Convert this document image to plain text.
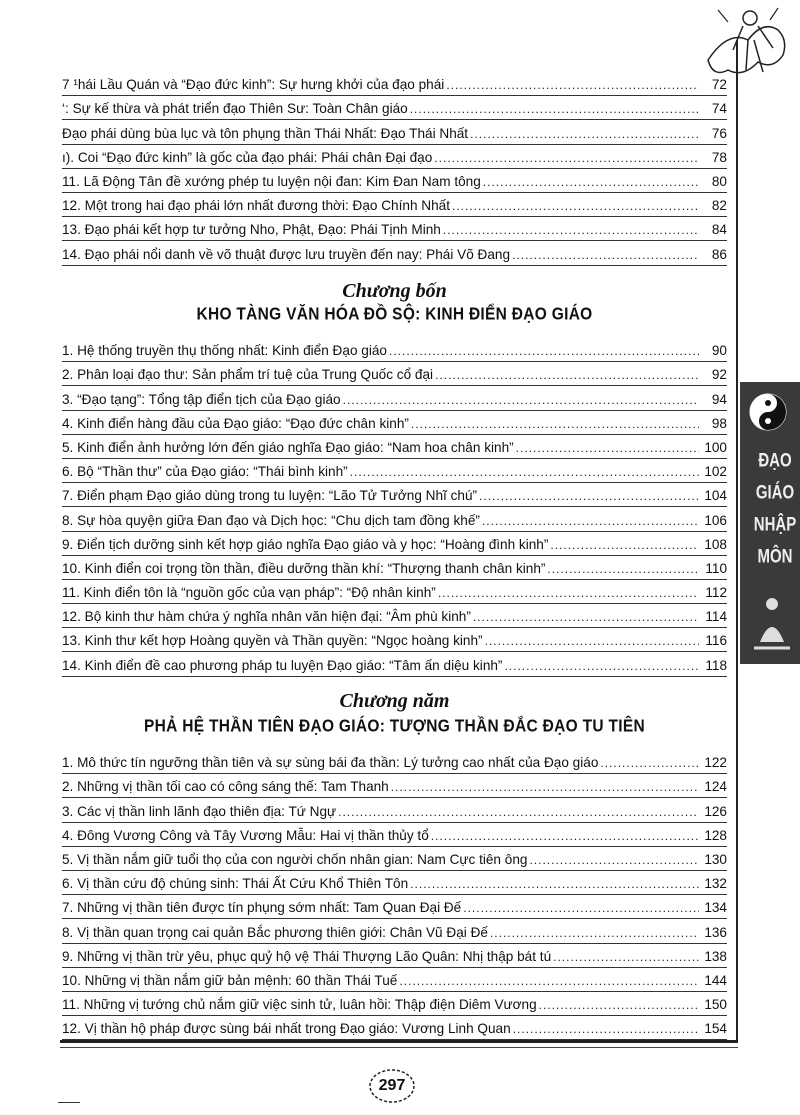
7 ¹hái Lầu Quán và “Đạo đức kinh”: Sự hưng khởi của đạo phái .....	72
‘: Sự kế thừa và phát triển đạo Thiên Sư: Toàn Chân giáo .....	74
Đạo phái dùng bùa lục và tôn phụng thần Thái Nhất: Đạo Thái Nhất .....	76
ı). Coi “Đạo đức kinh” là gốc của đạo phái: Phái chân Đại đạo .....	78
11. Lã Động Tân đề xướng phép tu luyện nội đan: Kim Đan Nam tông .....	80
12. Một trong hai đạo phái lớn nhất đương thời: Đạo Chính Nhất .....	82
13. Đạo phái kết hợp tư tưởng Nho, Phật, Đạo: Phái Tịnh Minh .....	84
14. Đạo phái nổi danh về võ thuật được lưu truyền đến nay: Phái Võ Đang .....	86
Chương bốn
KHO TÀNG VĂN HÓA ĐỒ SỘ: KINH ĐIỂN ĐẠO GIÁO
1. Hệ thống truyền thụ thống nhất: Kinh điển Đạo giáo .....	90
2. Phân loại đạo thư: Sản phẩm trí tuệ của Trung Quốc cổ đại .....	92
3. “Đạo tạng”: Tổng tập điển tịch của Đạo giáo .....	94
4. Kinh điển hàng đầu của Đạo giáo: “Đạo đức chân kinh” .....	98
5. Kinh điển ảnh hưởng lớn đến giáo nghĩa Đạo giáo: “Nam hoa chân kinh” .....	100
6. Bộ “Thần thư” của Đạo giáo: “Thái bình kinh” .....	102
7. Điển phạm Đạo giáo dùng trong tu luyện: “Lão Tử Tưởng Nhĩ chú” .....	104
8. Sự hòa quyện giữa Đan đạo và Dịch học: “Chu dịch tam đồng khế” .....	106
9. Điển tịch dưỡng sinh kết hợp giáo nghĩa Đạo giáo và y học: “Hoàng đình kinh” .....	108
10. Kinh điển coi trọng tồn thần, điều dưỡng thần khí: “Thượng thanh chân kinh” .....	110
11. Kinh điển tôn là “nguồn gốc của vạn pháp”: “Độ nhân kinh” .....	112
12. Bộ kinh thư hàm chứa ý nghĩa nhân văn hiện đại: “Âm phù kinh” .....	114
13. Kinh thư kết hợp Hoàng quyền và Thần quyền: “Ngọc hoàng kinh” .....	116
14. Kinh điển đề cao phương pháp tu luyện Đạo giáo: “Tâm ấn diệu kinh” .....	118
Chương năm
PHẢ HỆ THẦN TIÊN ĐẠO GIÁO: TƯỢNG THẦN ĐẮC ĐẠO TU TIÊN
1. Mô thức tín ngưỡng thần tiên và sự sùng bái đa thần: Lý tưởng cao nhất của Đạo giáo .....	122
2. Những vị thần tối cao có công sáng thế: Tam Thanh .....	124
3. Các vị thần linh lãnh đạo thiên địa: Tứ Ngự .....	126
4. Đông Vương Công và Tây Vương Mẫu: Hai vị thần thủy tổ .....	128
5. Vị thần nắm giữ tuổi thọ của con người chốn nhân gian: Nam Cực tiên ông .....	130
6. Vị thần cứu độ chúng sinh: Thái Ất Cứu Khổ Thiên Tôn .....	132
7. Những vị thần tiên được tín phụng sớm nhất: Tam Quan Đại Đế .....	134
8. Vị thần quan trọng cai quản Bắc phương thiên giới: Chân Vũ Đại Đế .....	136
9. Những vị thần trừ yêu, phục quỷ hộ vệ Thái Thượng Lão Quân: Nhị thập bát tú .....	138
10. Những vị thần nắm giữ bản mệnh: 60 thần Thái Tuế .....	144
11. Những vị tướng chủ nắm giữ việc sinh tử, luân hồi: Thập điện Diêm Vương .....	150
12. Vị thần hộ pháp được sùng bái nhất trong Đạo giáo: Vương Linh Quan .....	154
ĐẠO
GIÁO
NHẬP
MÔN
297
